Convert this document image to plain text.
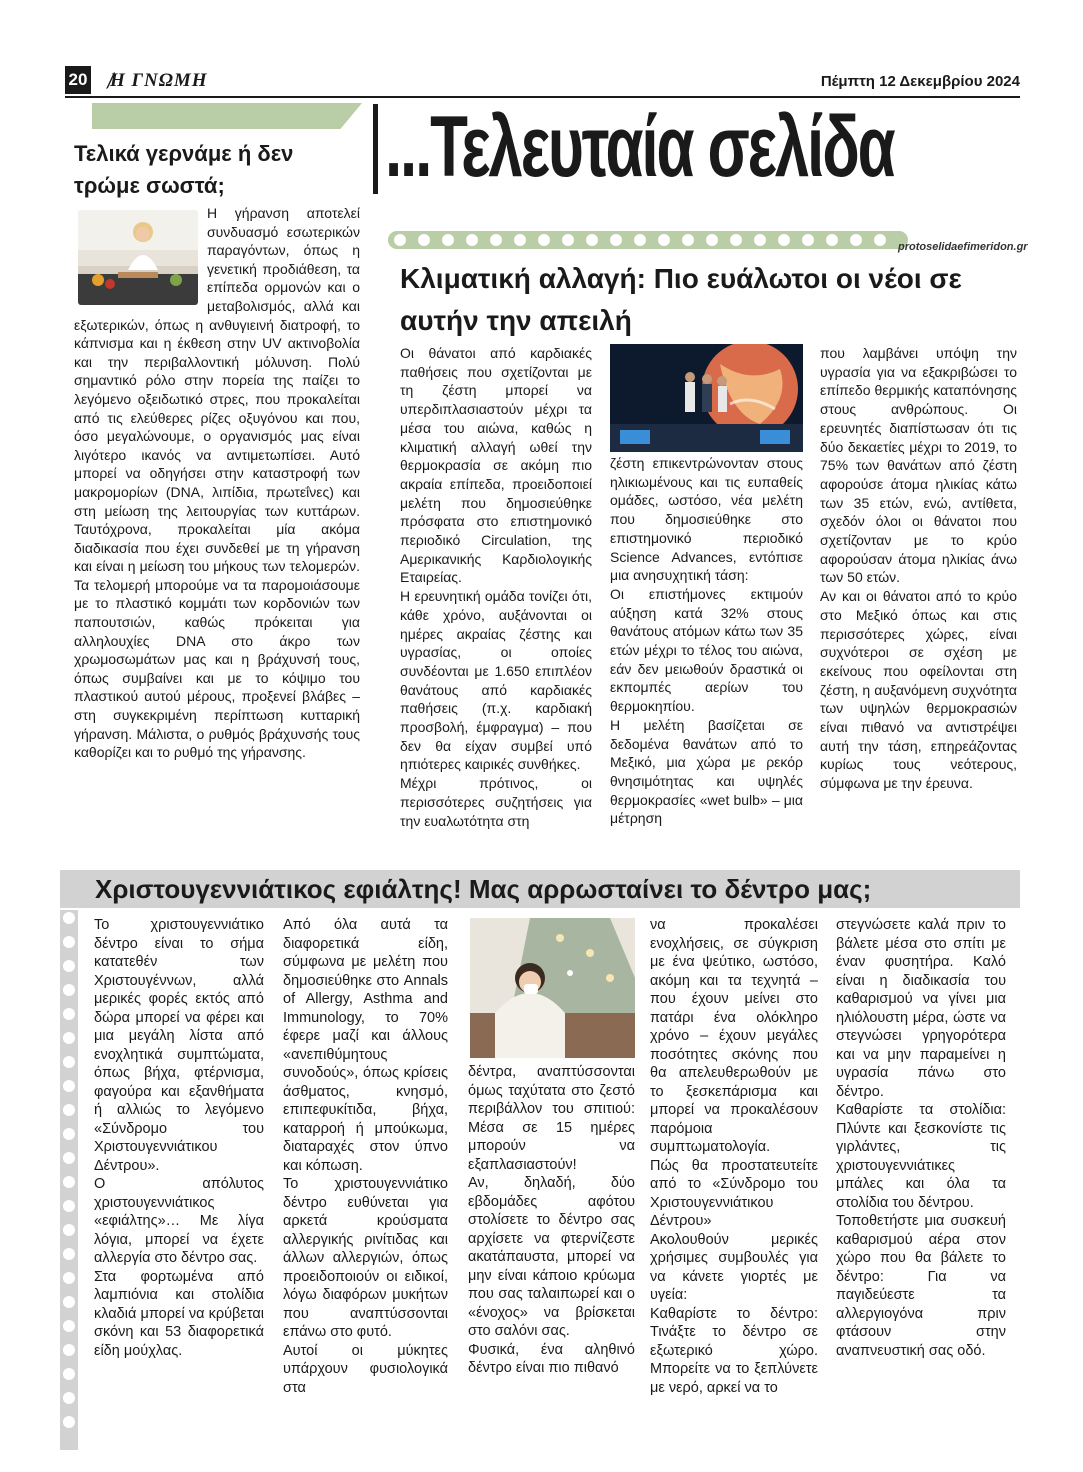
20 Η ΓΝΩΜΗ	Πέμπτη 12 Δεκεμβρίου 2024
...Τελευταία σελίδα
Τελικά γερνάμε ή δεν τρώμε σωστά;
Η γήρανση αποτελεί συνδυασμό εσωτερικών παραγόντων, όπως η γενετική προδιάθεση, τα επίπεδα ορμονών και ο μεταβολισμός, αλλά και εξωτερικών, όπως η ανθυγιεινή διατροφή, το κάπνισμα και η έκθεση στην UV ακτινοβολία και την περιβαλλοντική μόλυνση. Πολύ σημαντικό ρόλο στην πορεία της παίζει το λεγόμενο οξειδωτικό στρες, που προκαλείται από τις ελεύθερες ρίζες οξυγόνου και που, όσο μεγαλώνουμε, ο οργανισμός μας είναι λιγότερο ικανός να αντιμετωπίσει. Αυτό μπορεί να οδηγήσει στην καταστροφή των μακρομορίων (DNA, λιπίδια, πρωτεΐνες) και στη μείωση της λειτουργίας των κυττάρων. Ταυτόχρονα, προκαλείται μία ακόμα διαδικασία που έχει συνδεθεί με τη γήρανση και είναι η μείωση του μήκους των τελομερών. Τα τελομερή μπορούμε να τα παρομοιάσουμε με το πλαστικό κομμάτι των κορδονιών των παπουτσιών, καθώς πρόκειται για αλληλουχίες DNA στο άκρο των χρωμοσωμάτων μας και η βράχυνσή τους, όπως συμβαίνει και με το κόψιμο του πλαστικού αυτού μέρους, προξενεί βλάβες – στη συγκεκριμένη περίπτωση κυτταρική γήρανση. Μάλιστα, ο ρυθμός βράχυνσής τους καθορίζει και το ρυθμό της γήρανσης.
protoselidaefimeridon.gr
Κλιματική αλλαγή: Πιο ευάλωτοι οι νέοι σε αυτήν την απειλή

Οι θάνατοι από καρδιακές παθήσεις που σχετίζονται με τη ζέστη μπορεί να υπερδιπλασιαστούν μέχρι τα μέσα του αιώνα, καθώς η κλιματική αλλαγή ωθεί την θερμοκρασία σε ακόμη πιο ακραία επίπεδα, προειδοποιεί μελέτη που δημοσιεύθηκε πρόσφατα στο επιστημονικό περιοδικό Circulation, της Αμερικανικής Καρδιολογικής Εταιρείας.

Η ερευνητική ομάδα τονίζει ότι, κάθε χρόνο, αυξάνονται οι ημέρες ακραίας ζέστης και υγρασίας, οι οποίες συνδέονται με 1.650 επιπλέον θανάτους από καρδιακές παθήσεις (π.χ. καρδιακή προσβολή, έμφραγμα) – που δεν θα είχαν συμβεί υπό ηπιότερες καιρικές συνθήκες.

Μέχρι πρότινος, οι περισσότερες συζητήσεις για την ευαλωτότητα στη

ζέστη επικεντρώνονταν στους ηλικιωμένους και τις ευπαθείς ομάδες, ωστόσο, νέα μελέτη που δημοσιεύθηκε στο επιστημονικό περιοδικό Science Advances, εντόπισε μια ανησυχητική τάση:

Οι επιστήμονες εκτιμούν αύξηση κατά 32% στους θανάτους ατόμων κάτω των 35 ετών μέχρι το τέλος του αιώνα, εάν δεν μειωθούν δραστικά οι εκπομπές αερίων του θερμοκηπίου.

Η μελέτη βασίζεται σε δεδομένα θανάτων από το Μεξικό, μια χώρα με ρεκόρ θνησιμότητας και υψηλές θερμοκρασίες «wet bulb» – μια μέτρηση

που λαμβάνει υπόψη την υγρασία για να εξακριβώσει το επίπεδο θερμικής καταπόνησης στους ανθρώπους. Οι ερευνητές διαπίστωσαν ότι τις δύο δεκαετίες μέχρι το 2019, το 75% των θανάτων από ζέστη αφορούσε άτομα ηλικίας κάτω των 35 ετών, ενώ, αντίθετα, σχεδόν όλοι οι θάνατοι που σχετίζονταν με το κρύο αφορούσαν άτομα ηλικίας άνω των 50 ετών.

Αν και οι θάνατοι από το κρύο στο Μεξικό όπως και στις περισσότερες χώρες, είναι συχνότεροι σε σχέση με εκείνους που οφείλονται στη ζέστη, η αυξανόμενη συχνότητα των υψηλών θερμοκρασιών είναι πιθανό να αντιστρέψει αυτή την τάση, επηρεάζοντας κυρίως τους νεότερους, σύμφωνα με την έρευνα.

Χριστουγεννιάτικος εφιάλτης! Μας αρρωσταίνει το δέντρο μας;

Το χριστουγεννιάτικο δέντρο είναι το σήμα κατατεθέν των Χριστουγέννων, αλλά μερικές φορές εκτός από δώρα μπορεί να φέρει και μια μεγάλη λίστα από ενοχλητικά συμπτώματα, όπως βήχα, φτέρνισμα, φαγούρα και εξανθήματα ή αλλιώς το λεγόμενο «Σύνδρομο του Χριστουγεννιάτικου Δέντρου».

Ο απόλυτος χριστουγεννιάτικος «εφιάλτης»… Με λίγα λόγια, μπορεί να έχετε αλλεργία στο δέντρο σας.

Στα φορτωμένα από λαμπιόνια και στολίδια κλαδιά μπορεί να κρύβεται σκόνη και 53 διαφορετικά είδη μούχλας.

Από όλα αυτά τα διαφορετικά είδη, σύμφωνα με μελέτη που δημοσιεύθηκε στο Annals of Allergy, Asthma and Immunology, το 70% έφερε μαζί και άλλους «ανεπιθύμητους συνοδούς», όπως κρίσεις άσθματος, κνησμό, επιπεφυκίτιδα, βήχα, καταρροή ή μπούκωμα, διαταραχές στον ύπνο και κόπωση.

Το χριστουγεννιάτικο δέντρο ευθύνεται για αρκετά κρούσματα αλλεργικής ρινίτιδας και άλλων αλλεργιών, όπως προειδοποιούν οι ειδικοί, λόγω διαφόρων μυκήτων που αναπτύσσονται επάνω στο φυτό.

Αυτοί οι μύκητες υπάρχουν φυσιολογικά στα

δέντρα, αναπτύσσονται όμως ταχύτατα στο ζεστό περιβάλλον του σπιτιού: Μέσα σε 15 ημέρες μπορούν να εξαπλασιαστούν!

Αν, δηλαδή, δύο εβδομάδες αφότου στολίσετε το δέντρο σας αρχίσετε να φτερνίζεστε ακατάπαυστα, μπορεί να μην είναι κάποιο κρύωμα που σας ταλαιπωρεί και ο «ένοχος» να βρίσκεται στο σαλόνι σας.

Φυσικά, ένα αληθινό δέντρο είναι πιο πιθανό

να προκαλέσει ενοχλήσεις, σε σύγκριση με ένα ψεύτικο, ωστόσο, ακόμη και τα τεχνητά – που έχουν μείνει στο πατάρι ένα ολόκληρο χρόνο – έχουν μεγάλες ποσότητες σκόνης που θα απελευθερωθούν με το ξεσκεπάρισμα και μπορεί να προκαλέσουν παρόμοια συμπτωματολογία.

Πώς θα προστατευτείτε από το «Σύνδρομο του Χριστουγεννιάτικου Δέντρου»

Ακολουθούν μερικές χρήσιμες συμβουλές για να κάνετε γιορτές με υγεία:

Καθαρίστε το δέντρο: Τινάξτε το δέντρο σε εξωτερικό χώρο. Μπορείτε να το ξεπλύνετε με νερό, αρκεί να το

στεγνώσετε καλά πριν το βάλετε μέσα στο σπίτι με έναν φυσητήρα. Καλό είναι η διαδικασία του καθαρισμού να γίνει μια ηλιόλουστη μέρα, ώστε να στεγνώσει γρηγορότερα και να μην παραμείνει η υγρασία πάνω στο δέντρο.

Καθαρίστε τα στολίδια: Πλύντε και ξεσκονίστε τις γιρλάντες, τις χριστουγεννιάτικες μπάλες και όλα τα στολίδια του δέντρου.

Τοποθετήστε μια συσκευή καθαρισμού αέρα στον χώρο που θα βάλετε το δέντρο: Για να παγιδεύεστε τα αλλεργιογόνα πριν φτάσουν στην αναπνευστική σας οδό.
